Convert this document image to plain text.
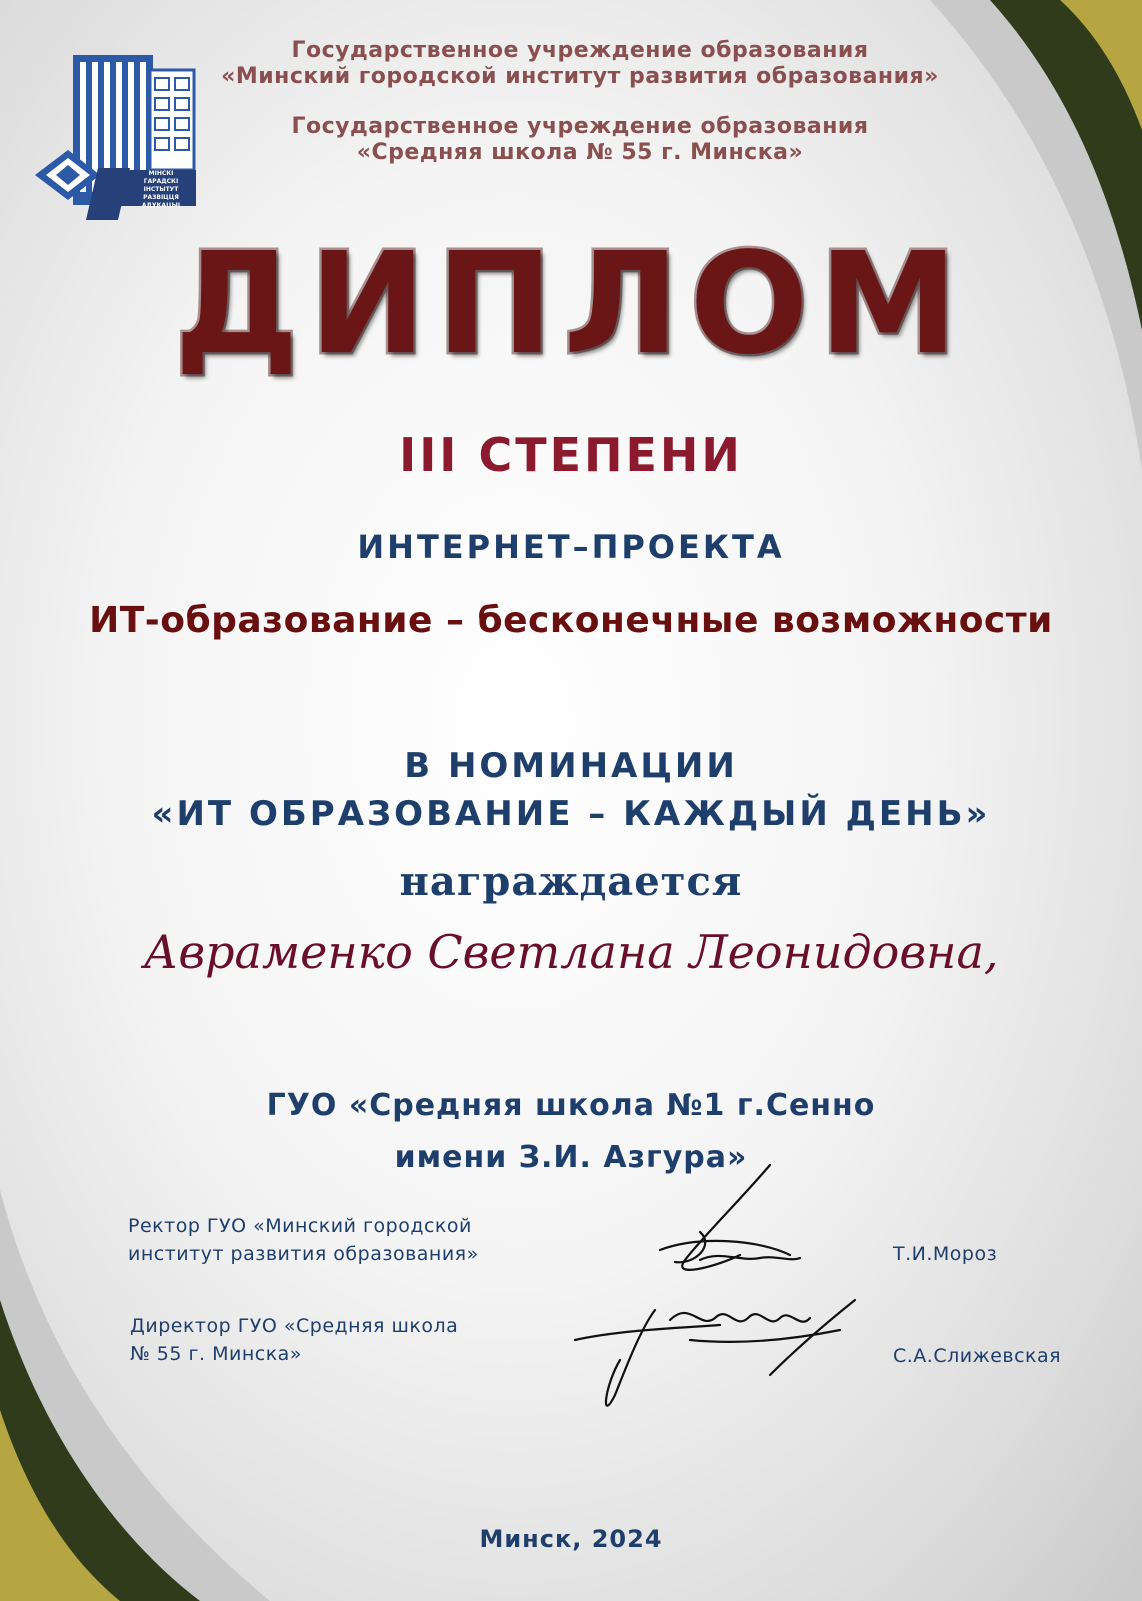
МІНСКІ
ГАРАДСКІ ІНСТЫТУТ
РАЗВІЦЦЯ АДУКАЦЫІ
Государственное учреждение образования
«Минский городской институт развития образования»
Государственное учреждение образования
«Средняя школа № 55 г. Минска»
ДИПЛОМ
III СТЕПЕНИ
ИНТЕРНЕТ–ПРОЕКТА
ИТ-образование – бесконечные возможности
В НОМИНАЦИИ
«ИТ ОБРАЗОВАНИЕ – КАЖДЫЙ ДЕНЬ»
награждается
Авраменко Светлана Леонидовна,
ГУО «Средняя школа №1 г.Сенно
имени З.И. Азгура»
Ректор ГУО «Минский городской
институт развития образования»	Т.И.Мороз
Директор ГУО «Средняя школа
№ 55 г. Минска»	С.А.Слижевская
Минск, 2024
